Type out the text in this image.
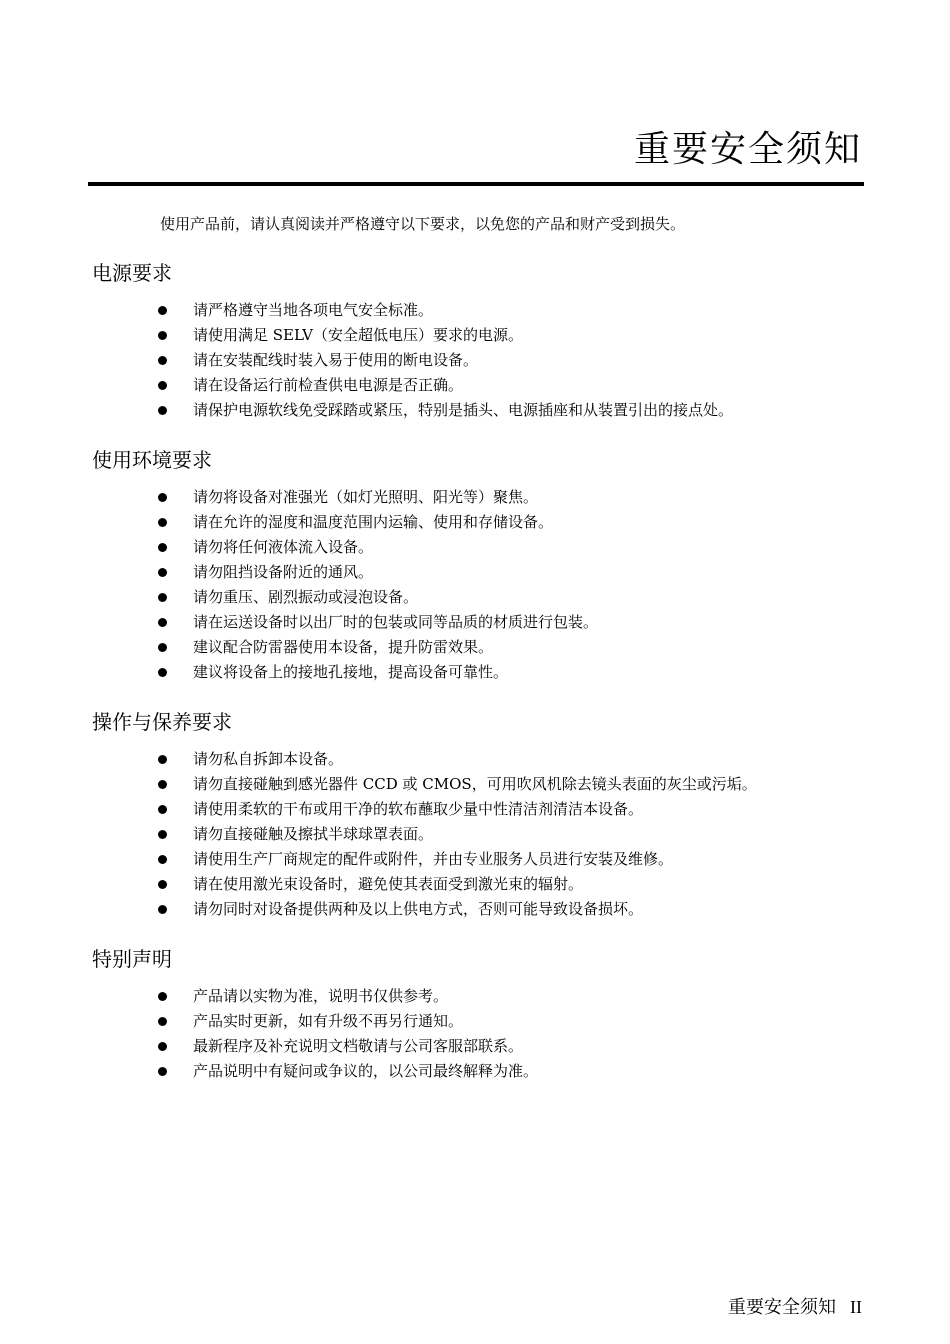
重要安全须知
使用产品前，请认真阅读并严格遵守以下要求，以免您的产品和财产受到损失。
电源要求
请严格遵守当地各项电气安全标准。
请使用满足 SELV（安全超低电压）要求的电源。
请在安装配线时装入易于使用的断电设备。
请在设备运行前检查供电电源是否正确。
请保护电源软线免受踩踏或紧压，特别是插头、电源插座和从装置引出的接点处。
使用环境要求
请勿将设备对准强光（如灯光照明、阳光等）聚焦。
请在允许的湿度和温度范围内运输、使用和存储设备。
请勿将任何液体流入设备。
请勿阻挡设备附近的通风。
请勿重压、剧烈振动或浸泡设备。
请在运送设备时以出厂时的包装或同等品质的材质进行包装。
建议配合防雷器使用本设备，提升防雷效果。
建议将设备上的接地孔接地，提高设备可靠性。
操作与保养要求
请勿私自拆卸本设备。
请勿直接碰触到感光器件 CCD 或 CMOS，可用吹风机除去镜头表面的灰尘或污垢。
请使用柔软的干布或用干净的软布蘸取少量中性清洁剂清洁本设备。
请勿直接碰触及擦拭半球球罩表面。
请使用生产厂商规定的配件或附件，并由专业服务人员进行安装及维修。
请在使用激光束设备时，避免使其表面受到激光束的辐射。
请勿同时对设备提供两种及以上供电方式，否则可能导致设备损坏。
特别声明
产品请以实物为准，说明书仅供参考。
产品实时更新，如有升级不再另行通知。
最新程序及补充说明文档敬请与公司客服部联系。
产品说明中有疑问或争议的，以公司最终解释为准。
重要安全须知 II
